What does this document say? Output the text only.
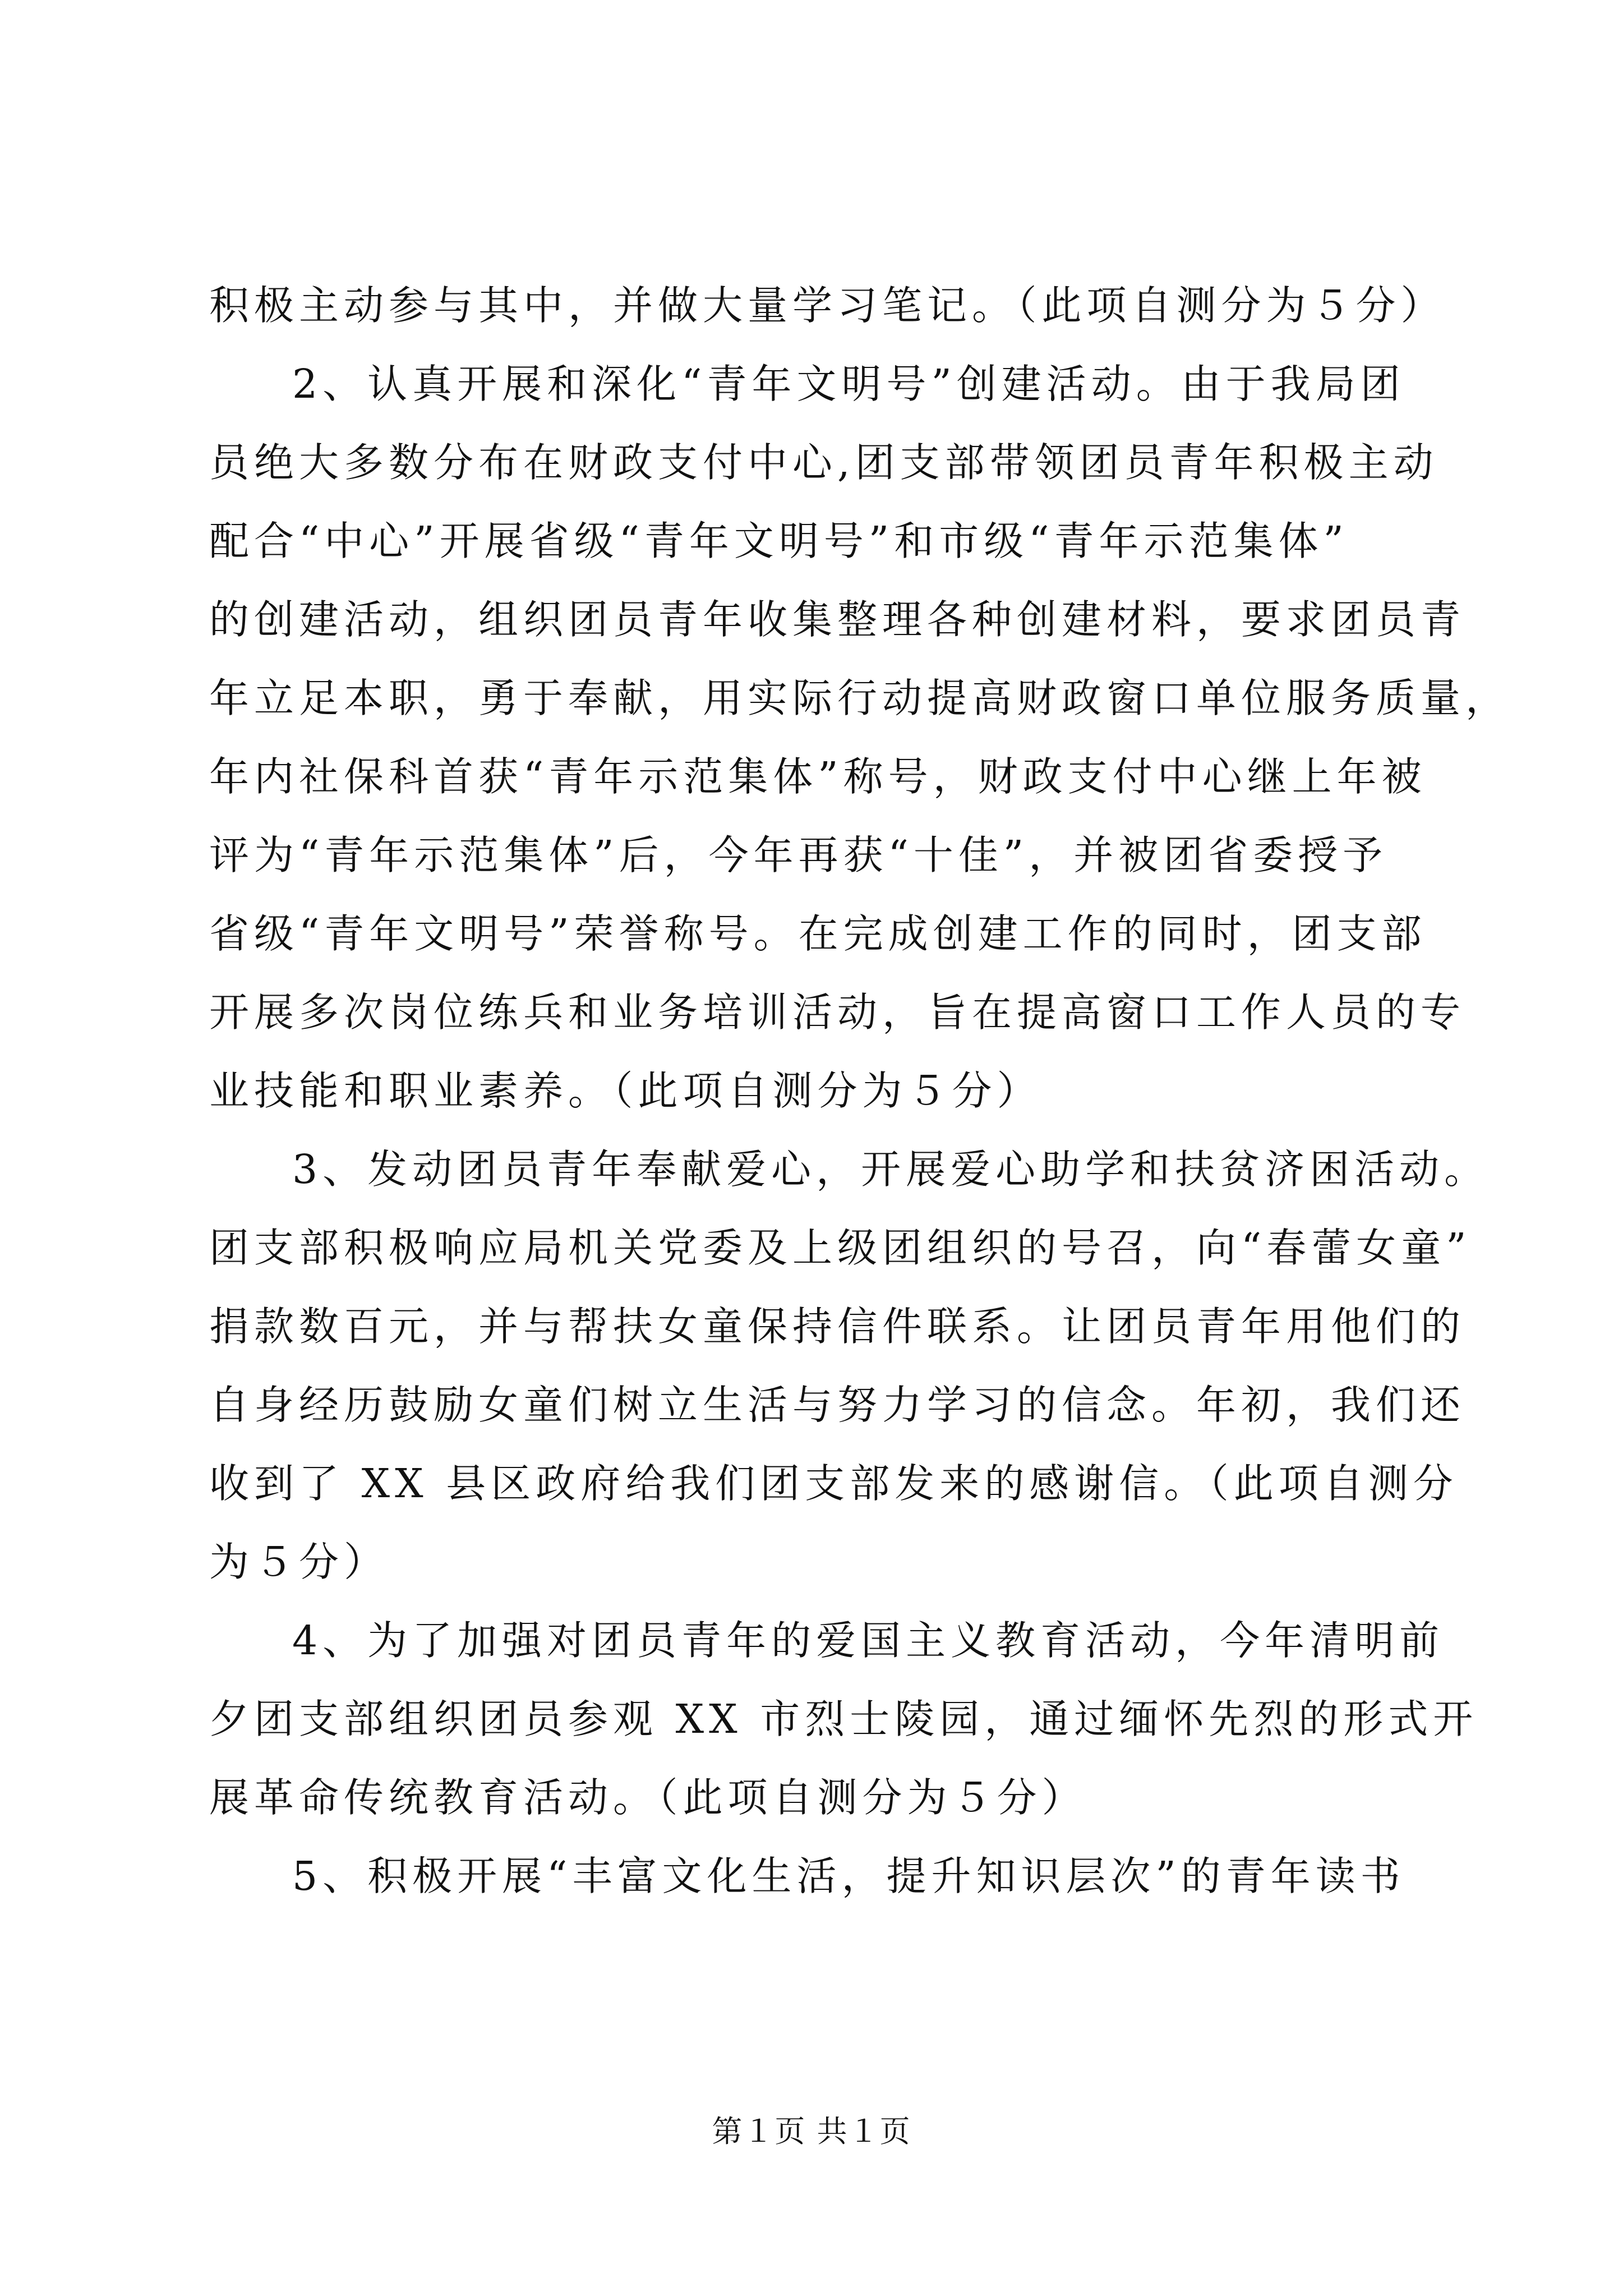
积极主动参与其中，并做大量学习笔记。（此项自测分为５分）
2、认真开展和深化“青年文明号”创建活动。由于我局团
员绝大多数分布在财政支付中心,团支部带领团员青年积极主动
配合“中心”开展省级“青年文明号”和市级“青年示范集体”
的创建活动，组织团员青年收集整理各种创建材料，要求团员青
年立足本职，勇于奉献，用实际行动提高财政窗口单位服务质量，
年内社保科首获“青年示范集体”称号，财政支付中心继上年被
评为“青年示范集体”后，今年再获“十佳”，并被团省委授予
省级“青年文明号”荣誉称号。在完成创建工作的同时，团支部
开展多次岗位练兵和业务培训活动，旨在提高窗口工作人员的专
业技能和职业素养。（此项自测分为５分）
3、发动团员青年奉献爱心，开展爱心助学和扶贫济困活动。
团支部积极响应局机关党委及上级团组织的号召，向“春蕾女童”
捐款数百元，并与帮扶女童保持信件联系。让团员青年用他们的
自身经历鼓励女童们树立生活与努力学习的信念。年初，我们还
收到了 XX 县区政府给我们团支部发来的感谢信。（此项自测分
为５分）
4、为了加强对团员青年的爱国主义教育活动，今年清明前
夕团支部组织团员参观 XX 市烈士陵园，通过缅怀先烈的形式开
展革命传统教育活动。（此项自测分为５分）
5、积极开展“丰富文化生活，提升知识层次”的青年读书
第１页 共１页
